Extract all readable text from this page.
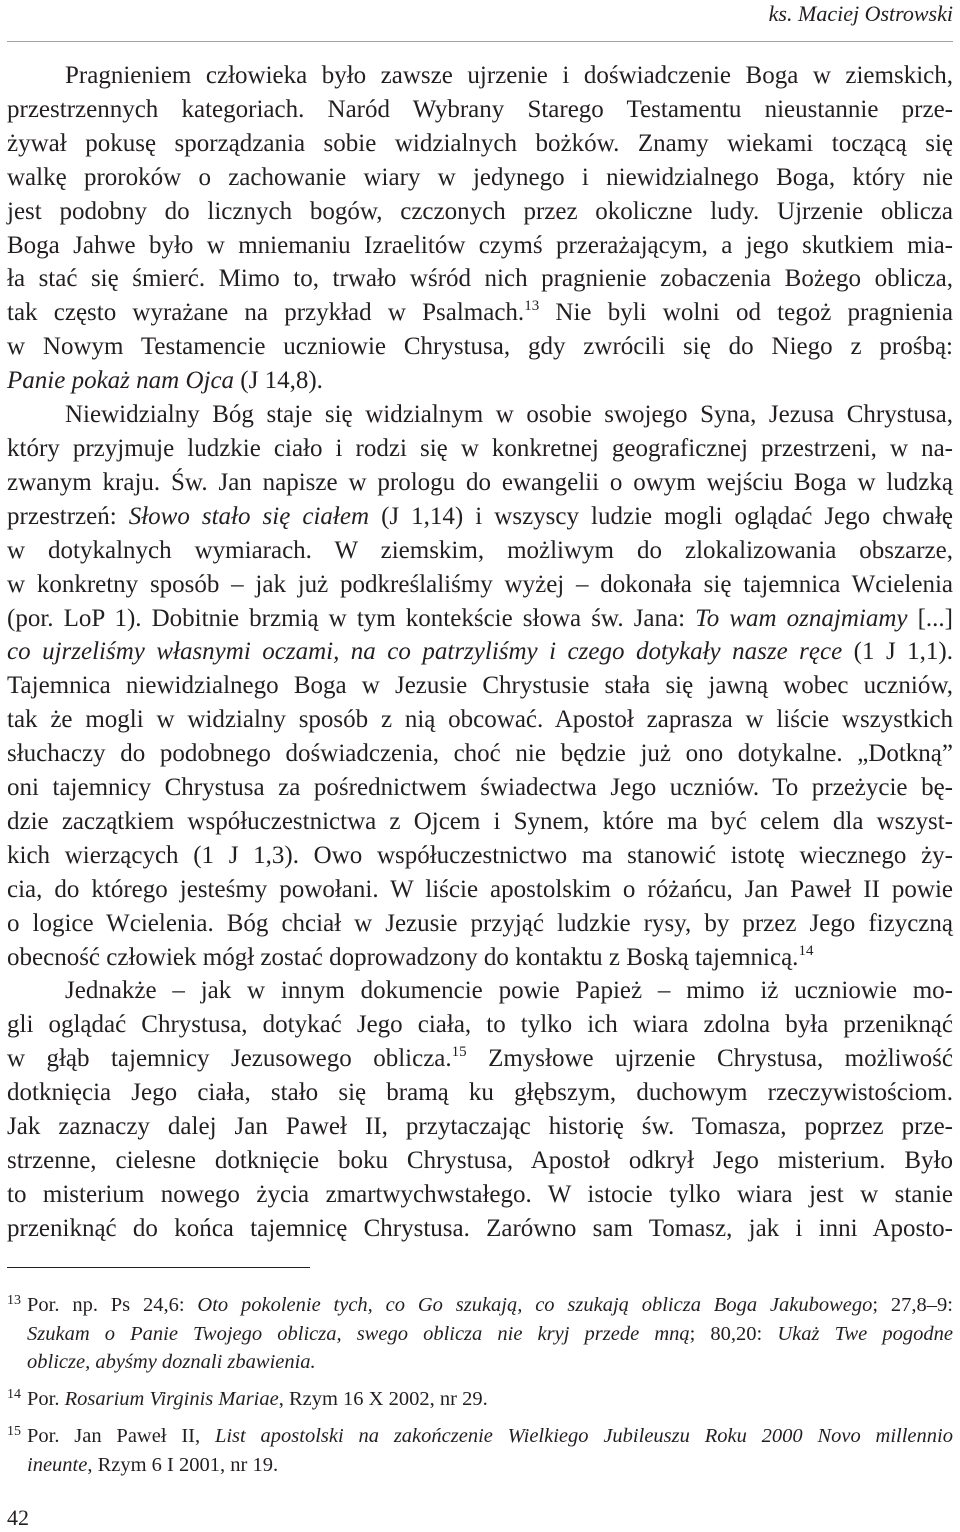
ks. Maciej Ostrowski
Pragnieniem człowieka było zawsze ujrzenie i doświadczenie Boga w ziemskich,
przestrzennych kategoriach. Naród Wybrany Starego Testamentu nieustannie prze-
żywał pokusę sporządzania sobie widzialnych bożków. Znamy wiekami toczącą się
walkę proroków o zachowanie wiary w jedynego i niewidzialnego Boga, który nie
jest podobny do licznych bogów, czczonych przez okoliczne ludy. Ujrzenie oblicza
Boga Jahwe było w mniemaniu Izraelitów czymś przerażającym, a jego skutkiem mia-
ła stać się śmierć. Mimo to, trwało wśród nich pragnienie zobaczenia Bożego oblicza,
tak często wyrażane na przykład w Psalmach.$^{13}$ Nie byli wolni od tegoż pragnienia
w Nowym Testamencie uczniowie Chrystusa, gdy zwrócili się do Niego z prośbą:
Panie pokaż nam Ojca (J 14,8).
Niewidzialny Bóg staje się widzialnym w osobie swojego Syna, Jezusa Chrystusa,
który przyjmuje ludzkie ciało i rodzi się w konkretnej geograficznej przestrzeni, w na-
zwanym kraju. Św. Jan napisze w prologu do ewangelii o owym wejściu Boga w ludzką
przestrzeń: Słowo stało się ciałem (J 1,14) i wszyscy ludzie mogli oglądać Jego chwałę
w dotykalnych wymiarach. W ziemskim, możliwym do zlokalizowania obszarze,
w konkretny sposób – jak już podkreślaliśmy wyżej – dokonała się tajemnica Wcielenia
(por. LoP 1). Dobitnie brzmią w tym kontekście słowa św. Jana: To wam oznajmiamy [...]
co ujrzeliśmy własnymi oczami, na co patrzyliśmy i czego dotykały nasze ręce (1 J 1,1).
Tajemnica niewidzialnego Boga w Jezusie Chrystusie stała się jawną wobec uczniów,
tak że mogli w widzialny sposób z nią obcować. Apostoł zaprasza w liście wszystkich
słuchaczy do podobnego doświadczenia, choć nie będzie już ono dotykalne. „Dotkną”
oni tajemnicy Chrystusa za pośrednictwem świadectwa Jego uczniów. To przeżycie bę-
dzie zaczątkiem współuczestnictwa z Ojcem i Synem, które ma być celem dla wszyst-
kich wierzących (1 J 1,3). Owo współuczestnictwo ma stanowić istotę wiecznego ży-
cia, do którego jesteśmy powołani. W liście apostolskim o różańcu, Jan Paweł II powie
o logice Wcielenia. Bóg chciał w Jezusie przyjąć ludzkie rysy, by przez Jego fizyczną
obecność człowiek mógł zostać doprowadzony do kontaktu z Boską tajemnicą.$^{14}$
Jednakże – jak w innym dokumencie powie Papież – mimo iż uczniowie mo-
gli oglądać Chrystusa, dotykać Jego ciała, to tylko ich wiara zdolna była przeniknąć
w głąb tajemnicy Jezusowego oblicza.$^{15}$ Zmysłowe ujrzenie Chrystusa, możliwość
dotknięcia Jego ciała, stało się bramą ku głębszym, duchowym rzeczywistościom.
Jak zaznaczy dalej Jan Paweł II, przytaczając historię św. Tomasza, poprzez prze-
strzenne, cielesne dotknięcie boku Chrystusa, Apostoł odkrył Jego misterium. Było
to misterium nowego życia zmartwychwstałego. W istocie tylko wiara jest w stanie
przeniknąć do końca tajemnicę Chrystusa. Zarówno sam Tomasz, jak i inni Aposto-
13 Por. np. Ps 24,6: Oto pokolenie tych, co Go szukają, co szukają oblicza Boga Jakubowego; 27,8–9:
Szukam o Panie Twojego oblicza, swego oblicza nie kryj przede mną; 80,20: Ukaż Twe pogodne
oblicze, abyśmy doznali zbawienia.
14 Por. Rosarium Virginis Mariae, Rzym 16 X 2002, nr 29.
15 Por. Jan Paweł II, List apostolski na zakończenie Wielkiego Jubileuszu Roku 2000 Novo millennio
ineunte, Rzym 6 I 2001, nr 19.
42
